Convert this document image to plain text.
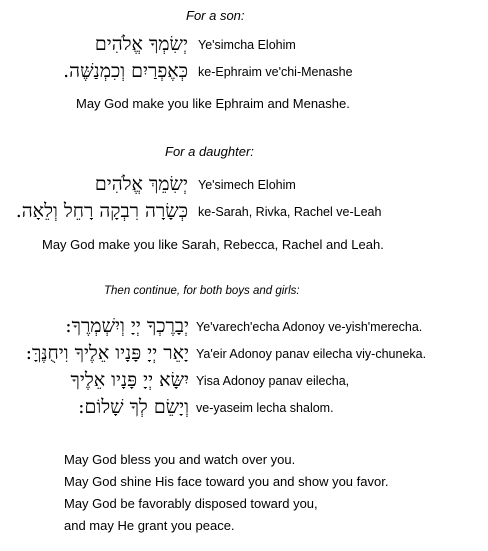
For a son:
יְשִׂמְךָ אֱלֹהִים Ye'simcha Elohim
כְּאֶפְרַיִם וְכִמְנַשֶּׁה. ke-Ephraim ve'chi-Menashe
May God make you like Ephraim and Menashe.
For a daughter:
יְשִׂמֵךְ אֱלֹהִים Ye'simech Elohim
כְּשָׂרָה רִבְקָה רָחֵל וְלֵאָה. ke-Sarah, Rivka, Rachel ve-Leah
May God make you like Sarah, Rebecca, Rachel and Leah.
Then continue, for both boys and girls:
יְבָרֶכְךָ יְיָ וְיִשְׁמְרֶךָ: Ye'varech'echa Adonoy ve-yish'merecha.
יָאֵר יְיָ פָּנָיו אֵלֶיךָ וִיחֻנֶּךָּ: Ya'eir Adonoy panav eilecha viy-chuneka.
יִשָּׂא יְיָ פָּנָיו אֵלֶיךָ Yisa Adonoy panav eilecha,
וְיָשֵׂם לְךָ שָׁלוֹם: ve-yaseim lecha shalom.
May God bless you and watch over you.
May God shine His face toward you and show you favor.
May God be favorably disposed toward you,
and may He grant you peace.
